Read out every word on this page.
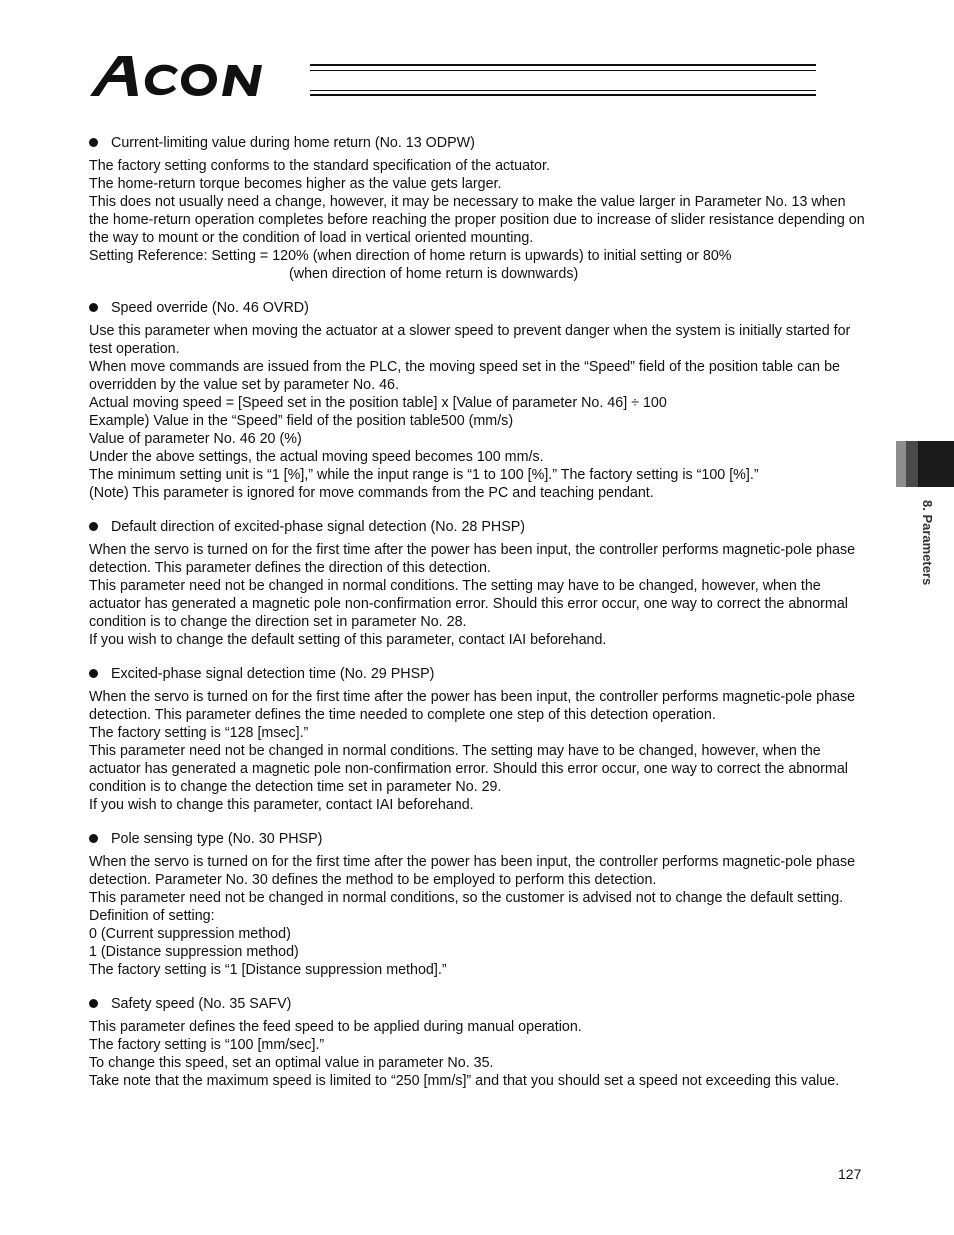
8. Parameters
Current-limiting value during home return (No. 13 ODPW)

The factory setting conforms to the standard specification of the actuator.

The home-return torque becomes higher as the value gets larger.

This does not usually need a change, however, it may be necessary to make the value larger in Parameter No. 13 when the home-return operation completes before reaching the proper position due to increase of slider resistance depending on the way to mount or the condition of load in vertical oriented mounting.

Setting Reference: Setting = 120% (when direction of home return is upwards) to initial setting or 80%

(when direction of home return is downwards)

Speed override (No. 46 OVRD)

Use this parameter when moving the actuator at a slower speed to prevent danger when the system is initially started for test operation.

When move commands are issued from the PLC, the moving speed set in the “Speed” field of the position table can be overridden by the value set by parameter No. 46.

Actual moving speed = [Speed set in the position table] x [Value of parameter No. 46] ÷ 100

Example) Value in the “Speed” field of the position table500 (mm/s)

Value of parameter No. 46 20 (%)

Under the above settings, the actual moving speed becomes 100 mm/s.

The minimum setting unit is “1 [%],” while the input range is “1 to 100 [%].” The factory setting is “100 [%].”

(Note) This parameter is ignored for move commands from the PC and teaching pendant.

Default direction of excited-phase signal detection (No. 28 PHSP)

When the servo is turned on for the first time after the power has been input, the controller performs magnetic-pole phase detection. This parameter defines the direction of this detection.

This parameter need not be changed in normal conditions. The setting may have to be changed, however, when the actuator has generated a magnetic pole non-confirmation error. Should this error occur, one way to correct the abnormal condition is to change the direction set in parameter No. 28.

If you wish to change the default setting of this parameter, contact IAI beforehand.

Excited-phase signal detection time (No. 29 PHSP)

When the servo is turned on for the first time after the power has been input, the controller performs magnetic-pole phase detection. This parameter defines the time needed to complete one step of this detection operation.

The factory setting is “128 [msec].”

This parameter need not be changed in normal conditions. The setting may have to be changed, however, when the actuator has generated a magnetic pole non-confirmation error. Should this error occur, one way to correct the abnormal condition is to change the detection time set in parameter No. 29.

If you wish to change this parameter, contact IAI beforehand.

Pole sensing type (No. 30 PHSP)

When the servo is turned on for the first time after the power has been input, the controller performs magnetic-pole phase detection. Parameter No. 30 defines the method to be employed to perform this detection.

This parameter need not be changed in normal conditions, so the customer is advised not to change the default setting.

Definition of setting:

0 (Current suppression method)

1 (Distance suppression method)

The factory setting is “1 [Distance suppression method].”

Safety speed (No. 35 SAFV)

This parameter defines the feed speed to be applied during manual operation.

The factory setting is “100 [mm/sec].”

To change this speed, set an optimal value in parameter No. 35.

Take note that the maximum speed is limited to “250 [mm/s]” and that you should set a speed not exceeding this value.

127
